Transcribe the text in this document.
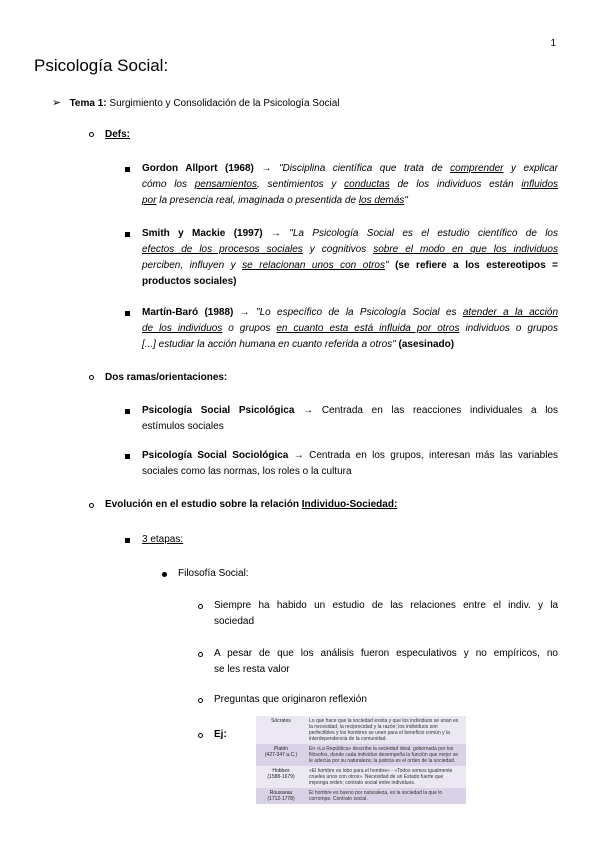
1
Psicología Social:
➢ Tema 1: Surgimiento y Consolidación de la Psicología Social
Defs:
Gordon Allport (1968) → "Disciplina científica que trata de comprender y explicar
cómo los pensamientos, sentimientos y conductas de los individuos están influidos
por la presencia real, imaginada o presentida de los demás"
Smith y Mackie (1997) → "La Psicología Social es el estudio científico de los
efectos de los procesos sociales y cognitivos sobre el modo en que los individuos
perciben, influyen y se relacionan unos con otros" (se refiere a los estereotipos =
productos sociales)
Martín-Baró (1988) → "Lo específico de la Psicología Social es atender a la acción
de los individuos o grupos en cuanto esta está influida por otros individuos o grupos
[...] estudiar la acción humana en cuanto referida a otros" (asesinado)
Dos ramas/orientaciones:
Psicología Social Psicológica → Centrada en las reacciones individuales a los
estímulos sociales
Psicología Social Sociológica → Centrada en los grupos, interesan más las variables
sociales como las normas, los roles o la cultura
Evolución en el estudio sobre la relación Individuo-Sociedad:
3 etapas:
Filosofía Social:
Siempre ha habido un estudio de las relaciones entre el indiv. y la
sociedad
A pesar de que los análisis fueron especulativos y no empíricos, no
se les resta valor
Preguntas que originaron reflexión
Ej:
Sócrates	Lo que hace que la sociedad exista y que los individuos se unan es la necesidad, la reciprocidad y la razón; los individuos son perfectibles y los hombres se unen para el beneficio común y la interdependencia de la comunidad.

Platón
(427-347 a.C.)	En «La República» describe la sociedad ideal, gobernada por los filósofos, donde cada individuo desempeña la función que mejor se le adecúa por su naturaleza; la justicia es el orden de la sociedad.

Hobbes
(1588-1679)	«El hombre es lobo para el hombre» - «Todos somos igualmente crueles unos con otros». Necesidad de un Estado fuerte que imponga orden; contrato social entre individuos.

Rousseau
(1712-1778)	El hombre es bueno por naturaleza, es la sociedad la que lo corrompe. Contrato social.
